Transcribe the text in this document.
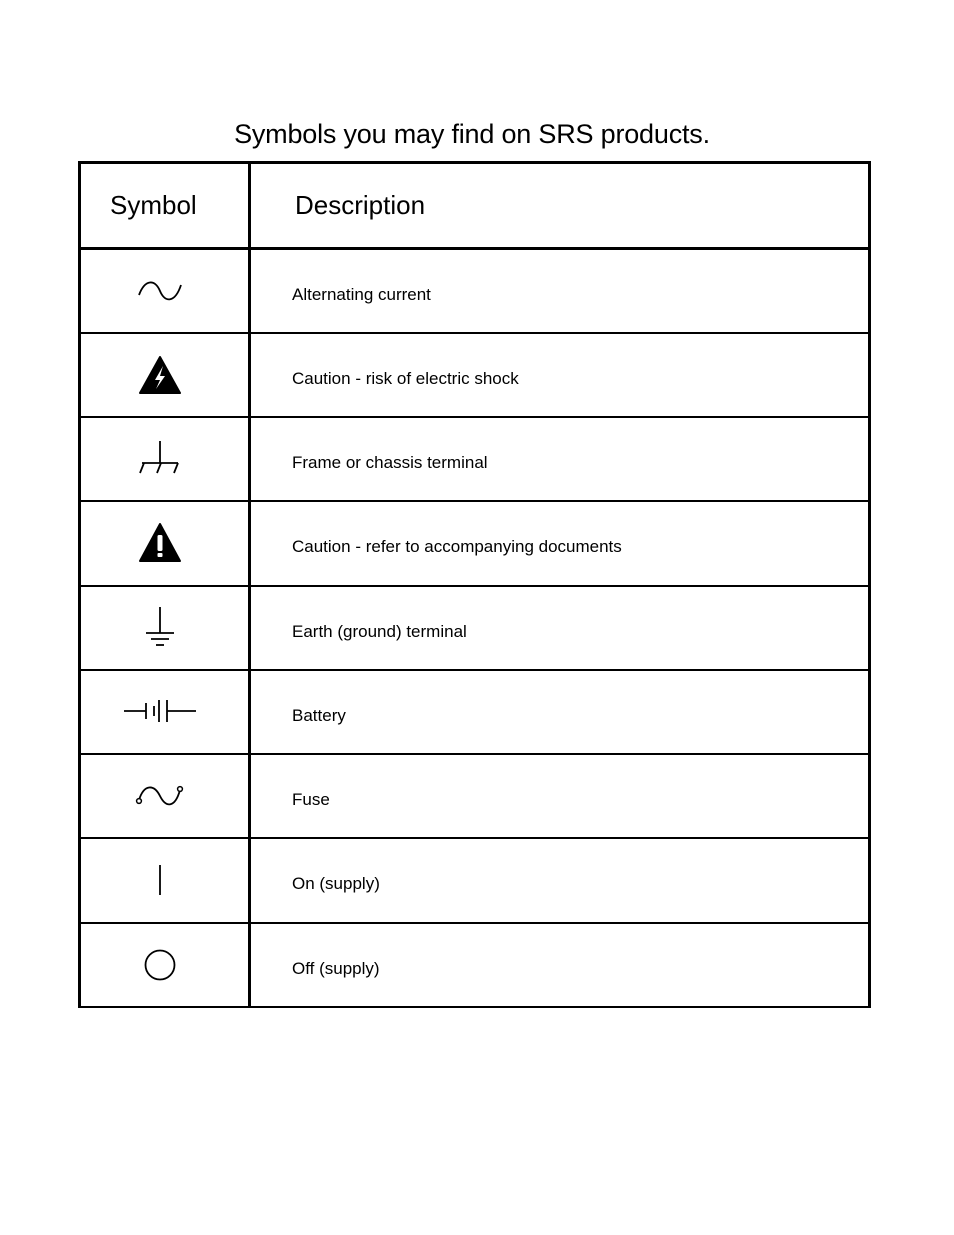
Symbols you may find on SRS products.
Symbol	Description

	Alternating current

	Caution - risk of electric shock

	Frame or chassis terminal

	Caution - refer to accompanying documents

	Earth (ground) terminal

	Battery

	Fuse

	On (supply)

	Off (supply)
